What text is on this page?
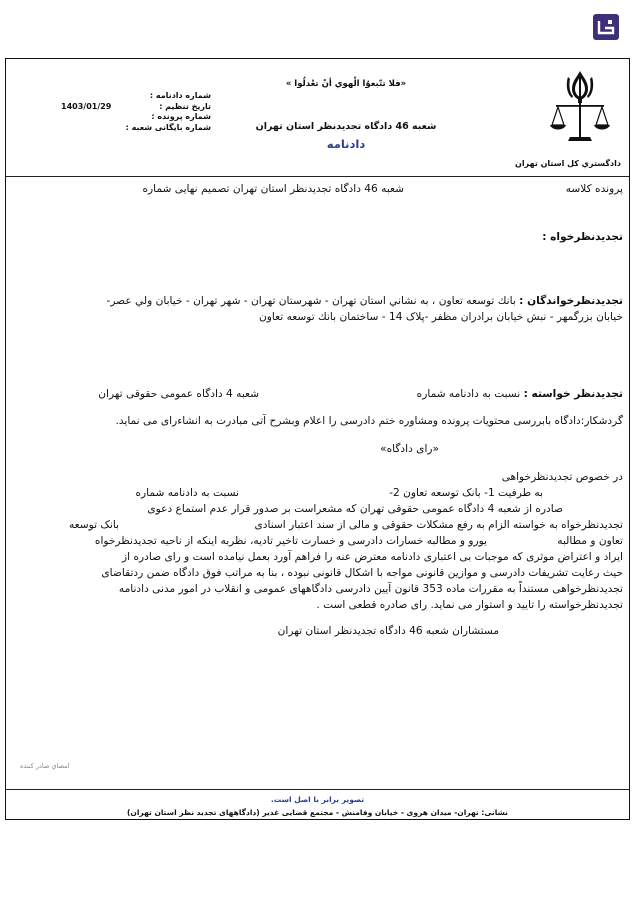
دادگستري کل استان تهران
«فلا تتّبعوُا الْهوي أنْ تعْدلُوا »
شعبه 46 دادگاه تجدیدنظر استان تهران
دادنامه
شماره دادنامه :
تاریخ تنظیم :
1403/01/29
شماره پرونده :
شماره بایگانی شعبه :
پرونده کلاسه
شعبه 46 دادگاه تجدیدنظر استان تهران تصمیم نهایی شماره
تجدیدنظرخواه :
تجدیدنظرخواندگان : بانك توسعه تعاون ، به نشاني استان تهران - شهرستان تهران - شهر تهران - خيابان ولي عصر-
خیابان بزرگمهر - نبش خیابان برادران مظفر -پلاک 14 - ساختمان بانك توسعه تعاون
تجدیدنظر خواسته : نسبت به دادنامه شماره
شعبه 4 دادگاه عمومی حقوقی تهران
گردشکار:دادگاه بابررسی محتویات پرونده ومشاوره ختم دادرسی را اعلام وبشرح آتی مبادرت به انشاءرای می نماید.
«رای دادگاه»
در خصوص تجدیدنظرخواهی
به طرفیت 1- بانک توسعه تعاون 2-
نسبت به دادنامه شماره
صادره از شعبه 4 دادگاه عمومی حقوقی تهران که مشعراست بر صدور قرار عدم استماع دعوی
تجدیدنظرخواه به خواسته الزام به رفع مشکلات حقوقی و مالی از سند اعتبار اسنادی
بانک توسعه
تعاون و مطالبه
یورو و مطالبه خسارات دادرسی و خسارت تاخیر تادیه، نظربه اینکه از ناحیه تجدیدنظرخواه
ایراد و اعتراض موثری که موجبات بی اعتباری دادنامه معترض عنه را فراهم آورد بعمل نیامده است و رای صادره از
حیث رعایت تشریفات دادرسی و موازین قانونی مواجه با اشکال قانونی نبوده ، بنا به مراتب فوق دادگاه ضمن ردتقاضای
تجدیدنظرخواهی مستنداً به مقررات ماده 353 قانون آیین دادرسی دادگاههای عمومی و انقلاب در امور مدنی دادنامه
تجدیدنظرخواسته را تایید و استوار می نماید. رای صادره قطعی است .
مستشاران شعبه 46 دادگاه تجدیدنظر استان تهران
امضاي صادر کننده
تصویر برابر با اصل است.
نشانی: تهران- میدان هروی - خیابان وفامنش - مجتمع قضایی غدیر (دادگاههای تجدید نظر استان تهران)
